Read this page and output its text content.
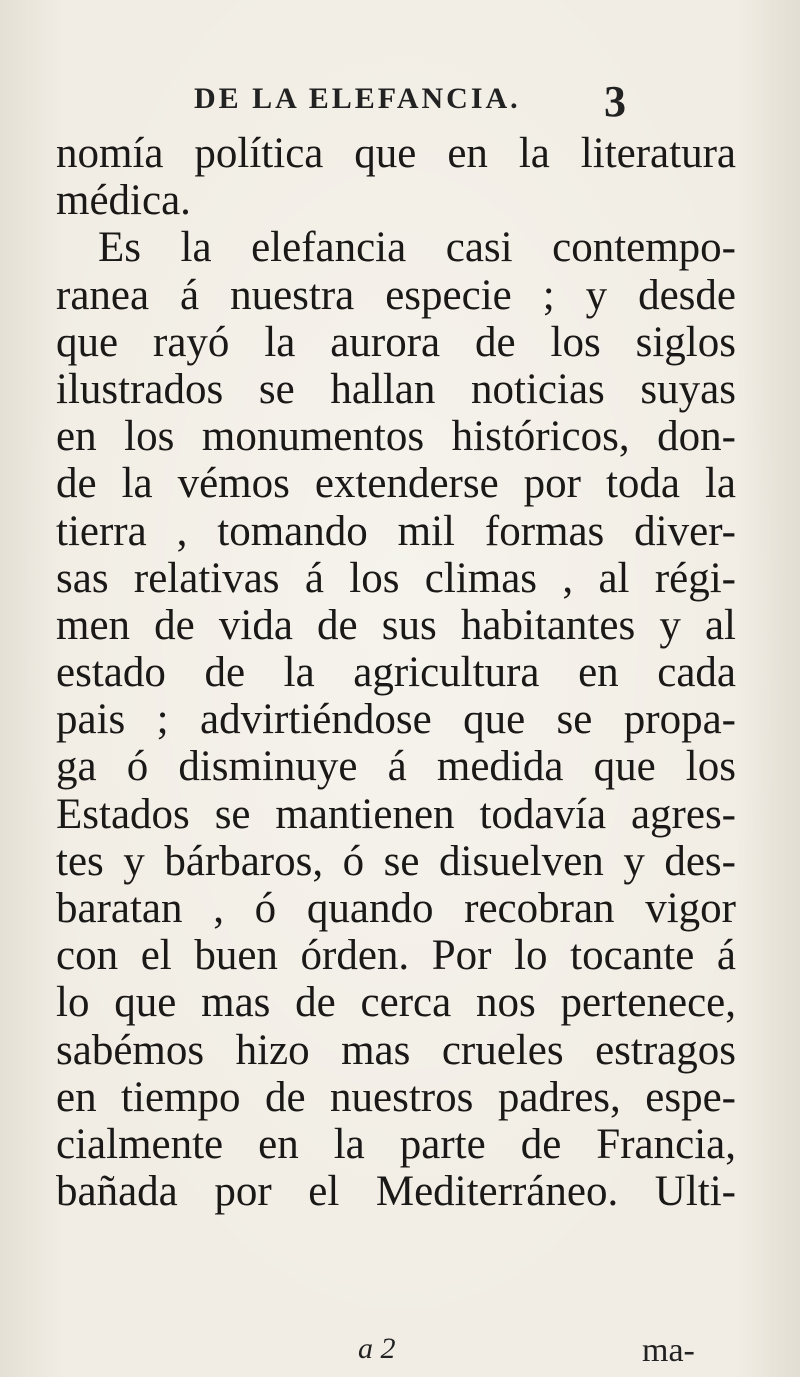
DE LA ELEFANCIA. 3
nomía política que en la literatura
médica.
Es la elefancia casi contempo-
ranea á nuestra especie ; y desde
que rayó la aurora de los siglos
ilustrados se hallan noticias suyas
en los monumentos históricos, don-
de la vémos extenderse por toda la
tierra , tomando mil formas diver-
sas relativas á los climas , al régi-
men de vida de sus habitantes y al
estado de la agricultura en cada
pais ; advirtiéndose que se propa-
ga ó disminuye á medida que los
Estados se mantienen todavía agres-
tes y bárbaros, ó se disuelven y des-
baratan , ó quando recobran vigor
con el buen órden. Por lo tocante á
lo que mas de cerca nos pertenece,
sabémos hizo mas crueles estragos
en tiempo de nuestros padres, espe-
cialmente en la parte de Francia,
bañada por el Mediterráneo. Ulti-
a 2	ma-
